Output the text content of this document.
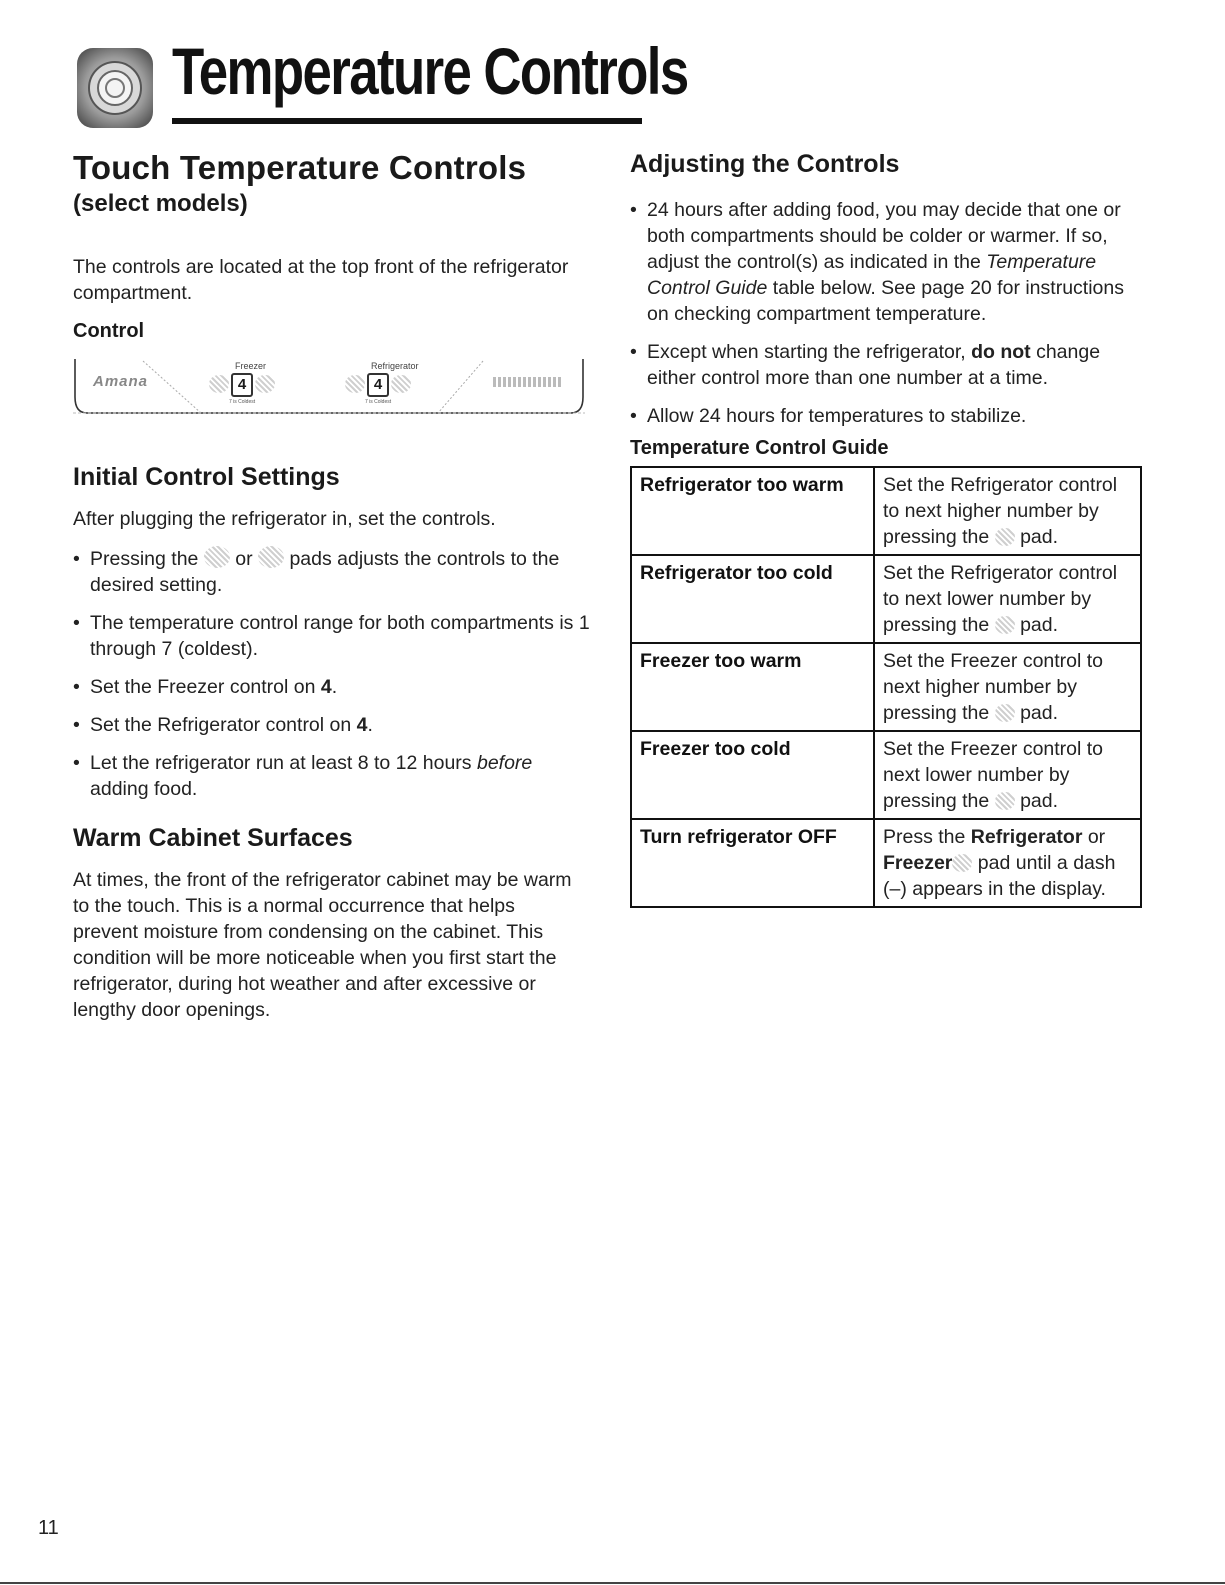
Temperature Controls
Touch Temperature Controls
(select models)

The controls are located at the top front of the refrigerator compartment.

Control

Amana
Freezer	Refrigerator
4
7 is Coldest
4
7 is Coldest
Initial Control Settings

After plugging the refrigerator in, set the controls.

• Pressing the or pads adjusts the controls to the desired setting.
• The temperature control range for both compartments is 1 through 7 (coldest).
• Set the Freezer control on 4.
• Set the Refrigerator control on 4.
• Let the refrigerator run at least 8 to 12 hours before adding food.
Warm Cabinet Surfaces

At times, the front of the refrigerator cabinet may be warm to the touch. This is a normal occurrence that helps prevent moisture from condensing on the cabinet. This condition will be more noticeable when you first start the refrigerator, during hot weather and after excessive or lengthy door openings.

Adjusting the Controls
• 24 hours after adding food, you may decide that one or both compartments should be colder or warmer. If so, adjust the control(s) as indicated in the Temperature Control Guide table below. See page 20 for instructions on checking compartment temperature.
• Except when starting the refrigerator, do not change either control more than one number at a time.
• Allow 24 hours for temperatures to stabilize.

Temperature Control Guide

Refrigerator too warm	Set the Refrigerator control to next higher number by pressing the  pad.
Refrigerator too cold	Set the Refrigerator control to next lower number by pressing the  pad.
Freezer too warm	Set the Freezer control to next higher number by pressing the  pad.
Freezer too cold	Set the Freezer control to next lower number by pressing the  pad.
Turn refrigerator OFF	Press the Refrigerator or Freezer pad until a dash (–) appears in the display.
11
